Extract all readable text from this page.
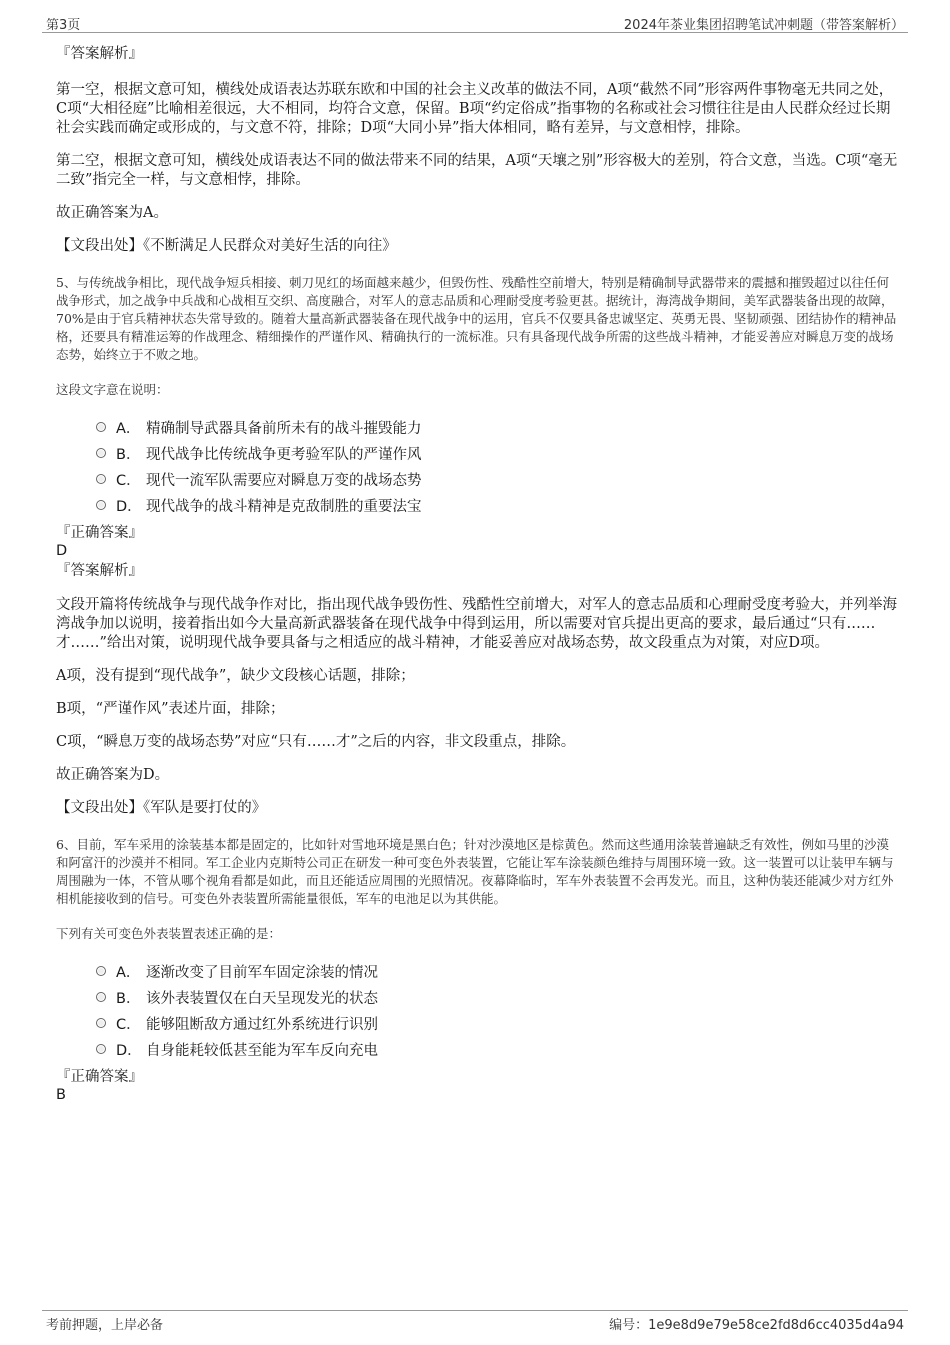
第3页	2024年茶业集团招聘笔试冲刺题（带答案解析）

『答案解析』

第一空，根据文意可知，横线处成语表达苏联东欧和中国的社会主义改革的做法不同，A项“截然不同”形容两件事物毫无共同之处，C项“大相径庭”比喻相差很远，大不相同，均符合文意，保留。B项“约定俗成”指事物的名称或社会习惯往往是由人民群众经过长期社会实践而确定或形成的，与文意不符，排除；D项“大同小异”指大体相同，略有差异，与文意相悖，排除。

第二空，根据文意可知，横线处成语表达不同的做法带来不同的结果，A项“天壤之别”形容极大的差别，符合文意，当选。C项“毫无二致”指完全一样，与文意相悖，排除。

故正确答案为A。

【文段出处】《不断满足人民群众对美好生活的向往》

5、与传统战争相比，现代战争短兵相接、刺刀见红的场面越来越少，但毁伤性、残酷性空前增大，特别是精确制导武器带来的震撼和摧毁超过以往任何战争形式，加之战争中兵战和心战相互交织、高度融合，对军人的意志品质和心理耐受度考验更甚。据统计，海湾战争期间，美军武器装备出现的故障，70%是由于官兵精神状态失常导致的。随着大量高新武器装备在现代战争中的运用，官兵不仅要具备忠诚坚定、英勇无畏、坚韧顽强、团结协作的精神品格，还要具有精准运筹的作战理念、精细操作的严谨作风、精确执行的一流标准。只有具备现代战争所需的这些战斗精神，才能妥善应对瞬息万变的战场态势，始终立于不败之地。

这段文字意在说明：

A． 精确制导武器具备前所未有的战斗摧毁能力
B． 现代战争比传统战争更考验军队的严谨作风
C． 现代一流军队需要应对瞬息万变的战场态势
D． 现代战争的战斗精神是克敌制胜的重要法宝

『正确答案』

D

『答案解析』

文段开篇将传统战争与现代战争作对比，指出现代战争毁伤性、残酷性空前增大，对军人的意志品质和心理耐受度考验大，并列举海湾战争加以说明，接着指出如今大量高新武器装备在现代战争中得到运用，所以需要对官兵提出更高的要求，最后通过“只有……才……”给出对策，说明现代战争要具备与之相适应的战斗精神，才能妥善应对战场态势，故文段重点为对策，对应D项。

A项，没有提到“现代战争”，缺少文段核心话题，排除；

B项，“严谨作风”表述片面，排除；

C项，“瞬息万变的战场态势”对应“只有……才”之后的内容，非文段重点，排除。

故正确答案为D。

【文段出处】《军队是要打仗的》

6、目前，军车采用的涂装基本都是固定的，比如针对雪地环境是黑白色；针对沙漠地区是棕黄色。然而这些通用涂装普遍缺乏有效性，例如马里的沙漠和阿富汗的沙漠并不相同。军工企业内克斯特公司正在研发一种可变色外表装置，它能让军车涂装颜色维持与周围环境一致。这一装置可以让装甲车辆与周围融为一体，不管从哪个视角看都是如此，而且还能适应周围的光照情况。夜幕降临时，军车外表装置不会再发光。而且，这种伪装还能减少对方红外相机能接收到的信号。可变色外表装置所需能量很低，军车的电池足以为其供能。

下列有关可变色外表装置表述正确的是：

A． 逐渐改变了目前军车固定涂装的情况
B． 该外表装置仅在白天呈现发光的状态
C． 能够阻断敌方通过红外系统进行识别
D． 自身能耗较低甚至能为军车反向充电

『正确答案』

B

考前押题，上岸必备	编号：1e9e8d9e79e58ce2fd8d6cc4035d4a94
